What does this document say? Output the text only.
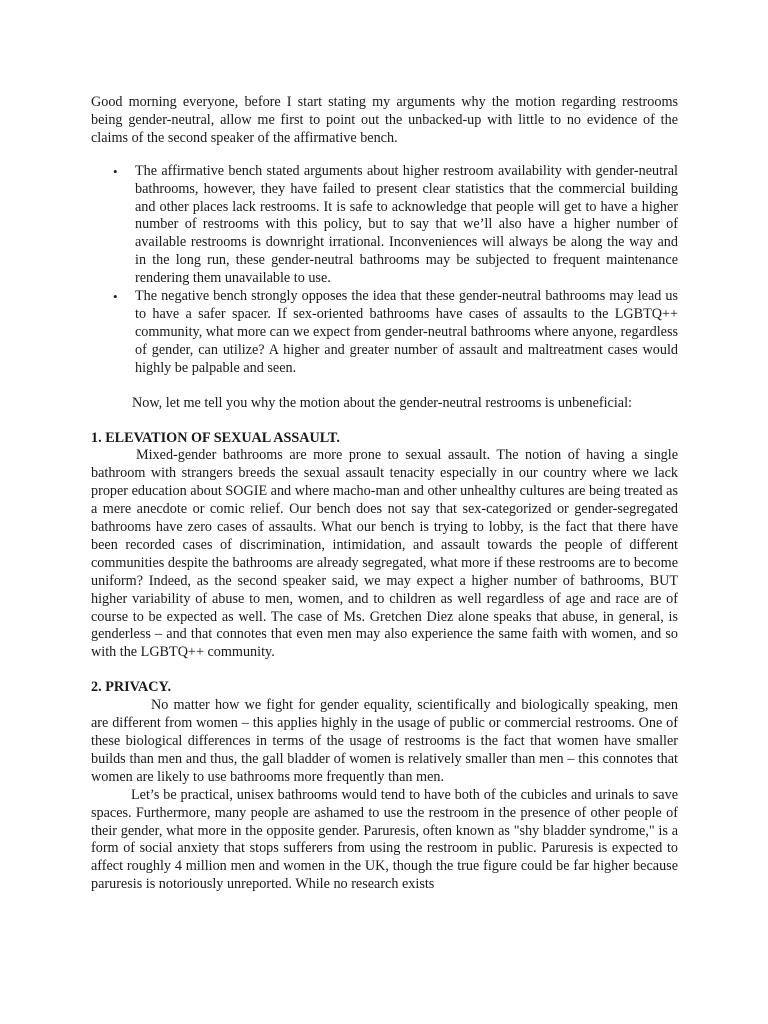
Good morning everyone, before I start stating my arguments why the motion regarding restrooms being gender-neutral, allow me first to point out the unbacked-up with little to no evidence of the claims of the second speaker of the affirmative bench.

• The affirmative bench stated arguments about higher restroom availability with gender-neutral bathrooms, however, they have failed to present clear statistics that the commercial building and other places lack restrooms. It is safe to acknowledge that people will get to have a higher number of restrooms with this policy, but to say that we’ll also have a higher number of available restrooms is downright irrational. Inconveniences will always be along the way and in the long run, these gender-neutral bathrooms may be subjected to frequent maintenance rendering them unavailable to use.
• The negative bench strongly opposes the idea that these gender-neutral bathrooms may lead us to have a safer spacer. If sex-oriented bathrooms have cases of assaults to the LGBTQ++ community, what more can we expect from gender-neutral bathrooms where anyone, regardless of gender, can utilize? A higher and greater number of assault and maltreatment cases would highly be palpable and seen.

Now, let me tell you why the motion about the gender-neutral restrooms is unbeneficial:

1. ELEVATION OF SEXUAL ASSAULT.

Mixed-gender bathrooms are more prone to sexual assault. The notion of having a single bathroom with strangers breeds the sexual assault tenacity especially in our country where we lack proper education about SOGIE and where macho-man and other unhealthy cultures are being treated as a mere anecdote or comic relief. Our bench does not say that sex-categorized or gender-segregated bathrooms have zero cases of assaults. What our bench is trying to lobby, is the fact that there have been recorded cases of discrimination, intimidation, and assault towards the people of different communities despite the bathrooms are already segregated, what more if these restrooms are to become uniform? Indeed, as the second speaker said, we may expect a higher number of bathrooms, BUT higher variability of abuse to men, women, and to children as well regardless of age and race are of course to be expected as well. The case of Ms. Gretchen Diez alone speaks that abuse, in general, is genderless – and that connotes that even men may also experience the same faith with women, and so with the LGBTQ++ community.

2. PRIVACY.

No matter how we fight for gender equality, scientifically and biologically speaking, men are different from women – this applies highly in the usage of public or commercial restrooms. One of these biological differences in terms of the usage of restrooms is the fact that women have smaller builds than men and thus, the gall bladder of women is relatively smaller than men – this connotes that women are likely to use bathrooms more frequently than men.

Let’s be practical, unisex bathrooms would tend to have both of the cubicles and urinals to save spaces. Furthermore, many people are ashamed to use the restroom in the presence of other people of their gender, what more in the opposite gender. Paruresis, often known as "shy bladder syndrome," is a form of social anxiety that stops sufferers from using the restroom in public. Paruresis is expected to affect roughly 4 million men and women in the UK, though the true figure could be far higher because paruresis is notoriously unreported. While no research exists
